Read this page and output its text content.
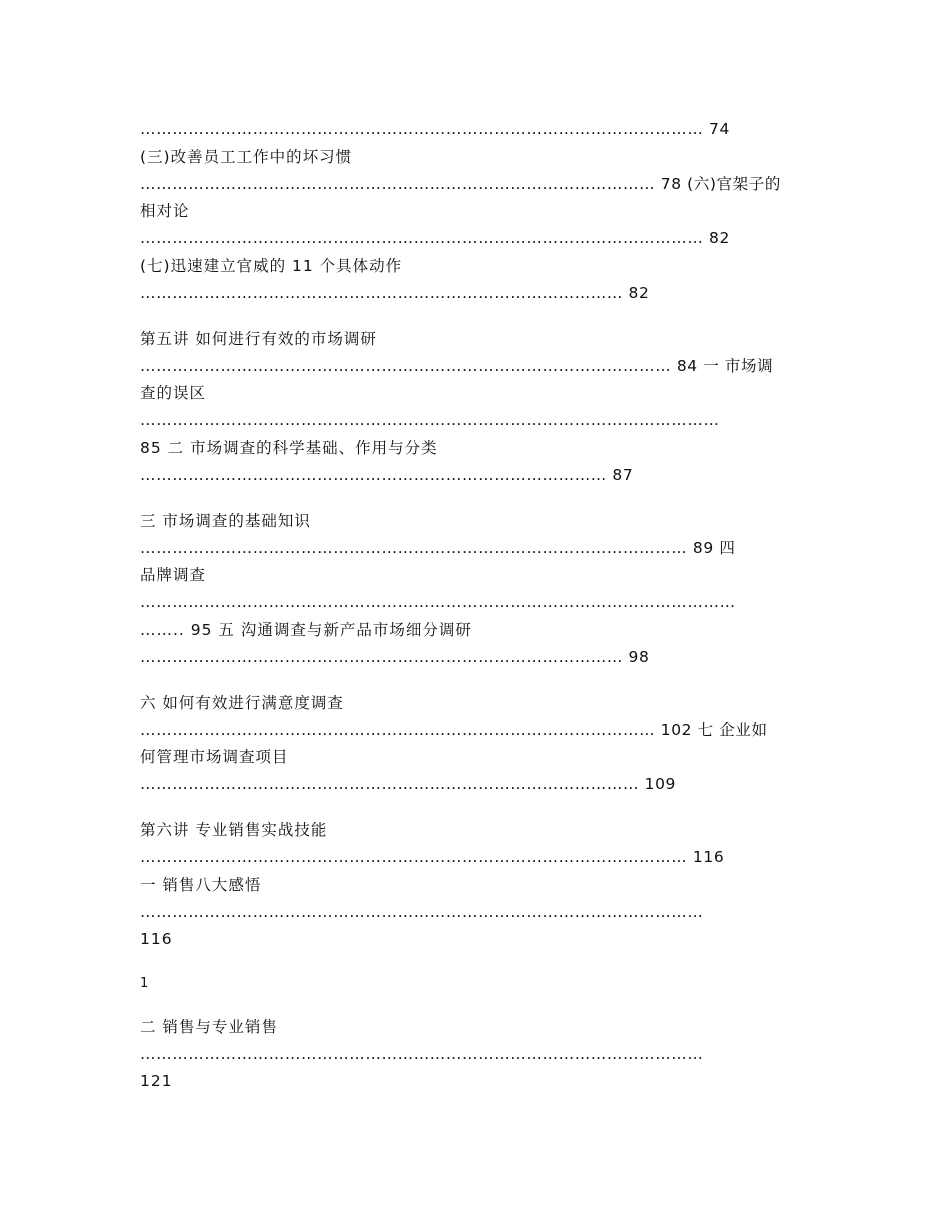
…………………………………………………………………………………………… 74
(三)改善员工工作中的坏习惯
…………………………………………………………………………………… 78 (六)官架子的
相对论
…………………………………………………………………………………………… 82
(七)迅速建立官威的 11 个具体动作
……………………………………………………………………………… 82
第五讲 如何进行有效的市场调研
……………………………………………………………………………………… 84 一 市场调
查的误区
………………………………………………………………………………………………
85 二 市场调查的科学基础、作用与分类
…………………………………………………………………………… 87
三 市场调查的基础知识
………………………………………………………………………………………… 89 四
品牌调查
…………………………………………………………………………………………………
…….. 95 五 沟通调查与新产品市场细分调研
……………………………………………………………………………… 98
六 如何有效进行满意度调查
…………………………………………………………………………………… 102 七 企业如
何管理市场调查项目
………………………………………………………………………………… 109
第六讲 专业销售实战技能
………………………………………………………………………………………… 116
一 销售八大感悟
……………………………………………………………………………………………
116
1
二 销售与专业销售
……………………………………………………………………………………………
121
